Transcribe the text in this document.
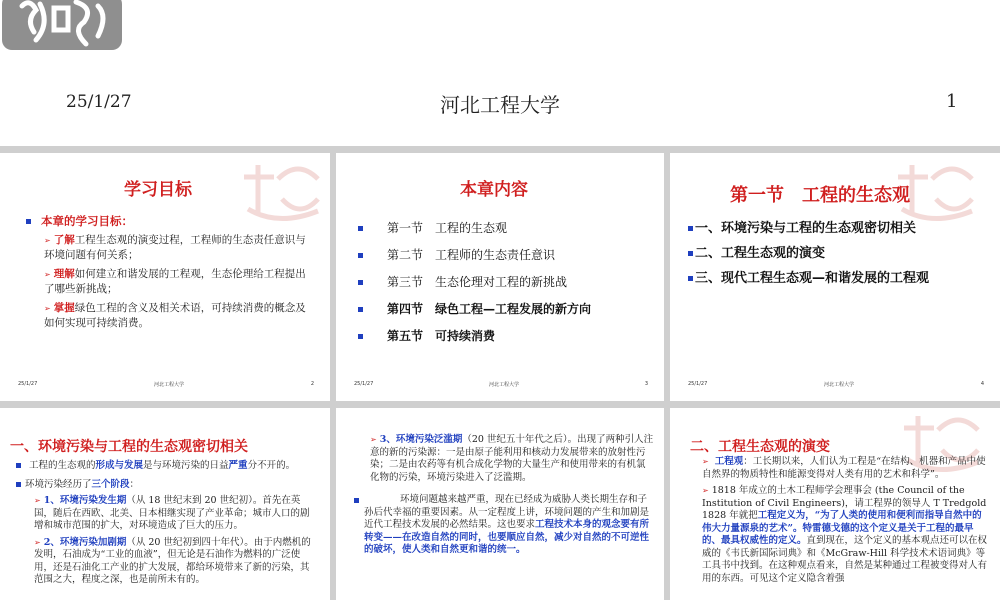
25/1/27	河北工程大学	1
学习目标
本章的学习目标：
➢ 了解工程生态观的演变过程，工程师的生态责任意识与环境问题有何关系；
➢ 理解如何建立和谐发展的工程观，生态伦理给工程提出了哪些新挑战；
➢ 掌握绿色工程的含义及相关术语，可持续消费的概念及如何实现可持续消费。
25/1/27	河北工程大学	2
本章内容
第一节　 工程的生态观
第二节　 工程师的生态责任意识
第三节　 生态伦理对工程的新挑战
第四节　 绿色工程—工程发展的新方向
第五节　 可持续消费
25/1/27	河北工程大学	3
第一节　工程的生态观
一、环境污染与工程的生态观密切相关
二、工程生态观的演变
三、现代工程生态观—和谐发展的工程观
25/1/27	河北工程大学	4
一、环境污染与工程的生态观密切相关
工程的生态观的形成与发展是与环境污染的日益严重分不开的。
环境污染经历了三个阶段：
➢ 1、环境污染发生期（从 18 世纪末到 20 世纪初）。首先在英国，随后在西欧、北美、日本相继实现了产业革命；城市人口的剧增和城市范围的扩大，对环境造成了巨大的压力。
➢ 2、环境污染加剧期（从 20 世纪初到四十年代）。由于内燃机的发明，石油成为“工业的血液”，但无论是石油作为燃料的广泛使用，还是石油化工产业的扩大发展，都给环境带来了新的污染，其范围之大，程度之深，也是前所未有的。
➢ 3、环境污染泛滥期（20 世纪五十年代之后）。出现了两种引人注意的新的污染源：一是由原子能利用和核动力发展带来的放射性污染；二是由农药等有机合成化学物的大量生产和使用带来的有机氯化物的污染，环境污染进入了泛滥期。
环境问题越来越严重，现在已经成为威胁人类长期生存和子孙后代幸福的重要因素。从一定程度上讲，环境问题的产生和加剧是近代工程技术发展的必然结果。这也要求工程技术本身的观念要有所转变——在改造自然的同时，也要顺应自然，减少对自然的不可逆性的破坏，使人类和自然更和谐的统一。
二、工程生态观的演变
➢ 工程观：工长期以来，人们认为工程是“在结构、机器和产品中使自然界的物质特性和能源变得对人类有用的艺术和科学”。
➢ 1818 年成立的土木工程师学会理事会 (the Council of the Institution of Civil Engineers)，请工程界的领导人 T Tredgold 1828 年就把工程定义为，“为了人类的使用和便利而指导自然中的伟大力量源泉的艺术”。特雷德戈德的这个定义是关于工程的最早的、最具权威性的定义。直到现在，这个定义的基本观点还可以在权威的《韦氏新国际词典》和《McGraw-Hill 科学技术术语词典》等工具书中找到。在这种观点看来，自然是某种通过工程被变得对人有用的东西。可见这个定义隐含着强
